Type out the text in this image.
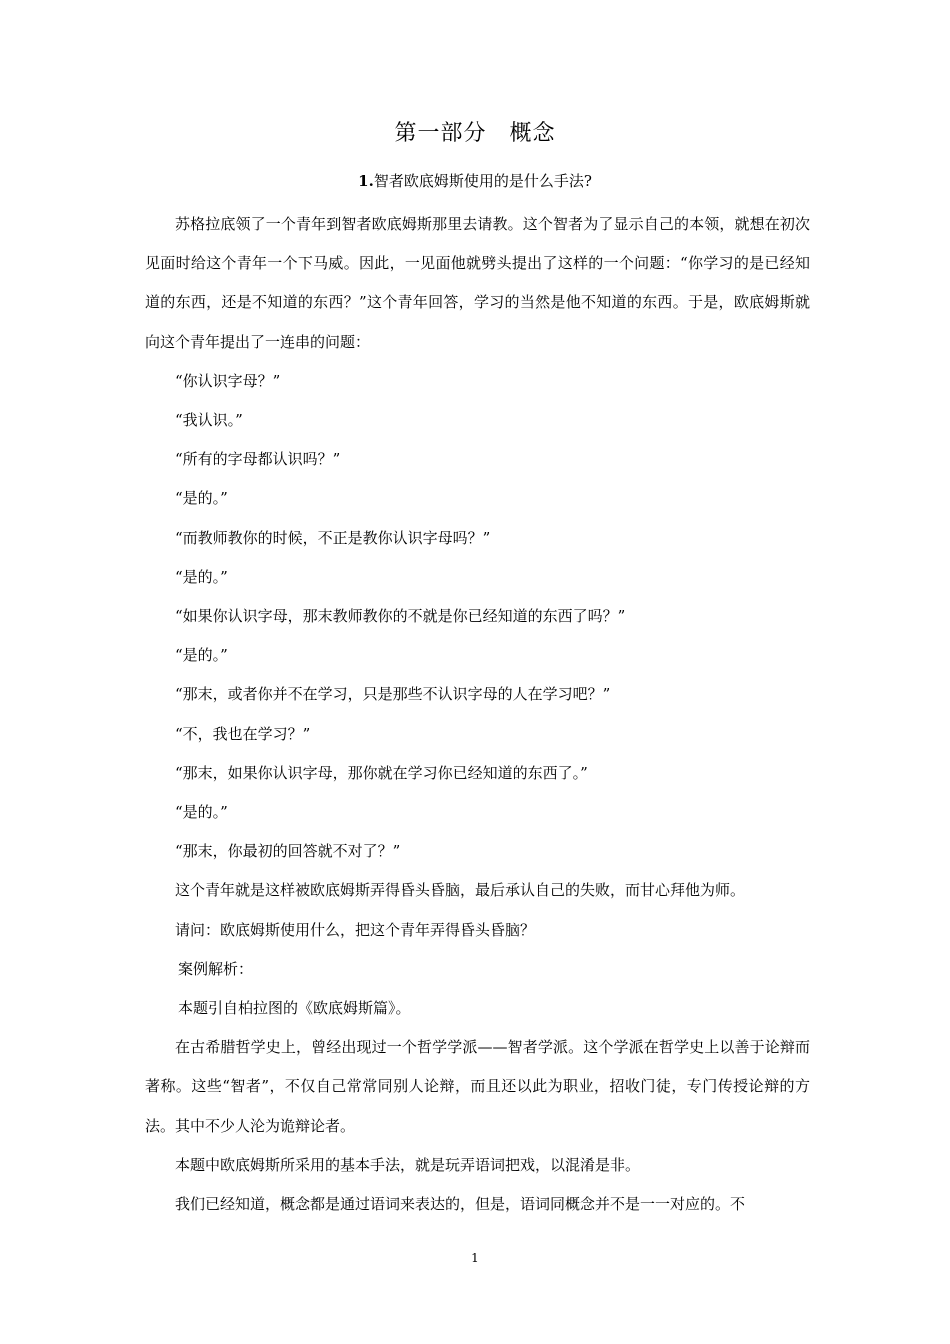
第一部分　概念
1.智者欧底姆斯使用的是什么手法?

苏格拉底领了一个青年到智者欧底姆斯那里去请教。这个智者为了显示自己的本领，就想在初次见面时给这个青年一个下马威。因此，一见面他就劈头提出了这样的一个问题：“你学习的是已经知道的东西，还是不知道的东西？”这个青年回答，学习的当然是他不知道的东西。于是，欧底姆斯就向这个青年提出了一连串的问题：

“你认识字母？”

“我认识。”

“所有的字母都认识吗？”

“是的。”

“而教师教你的时候，不正是教你认识字母吗？”

“是的。”

“如果你认识字母，那末教师教你的不就是你已经知道的东西了吗？”

“是的。”

“那末，或者你并不在学习，只是那些不认识字母的人在学习吧？”

“不，我也在学习？”

“那末，如果你认识字母，那你就在学习你已经知道的东西了。”

“是的。”

“那末，你最初的回答就不对了？”

这个青年就是这样被欧底姆斯弄得昏头昏脑，最后承认自己的失败，而甘心拜他为师。

请问：欧底姆斯使用什么，把这个青年弄得昏头昏脑？

案例解析：

本题引自柏拉图的《欧底姆斯篇》。

在古希腊哲学史上，曾经出现过一个哲学学派——智者学派。这个学派在哲学史上以善于论辩而著称。这些“智者”，不仅自己常常同别人论辩，而且还以此为职业，招收门徒，专门传授论辩的方法。其中不少人沦为诡辩论者。

本题中欧底姆斯所采用的基本手法，就是玩弄语词把戏，以混淆是非。

我们已经知道，概念都是通过语词来表达的，但是，语词同概念并不是一一对应的。不

1
